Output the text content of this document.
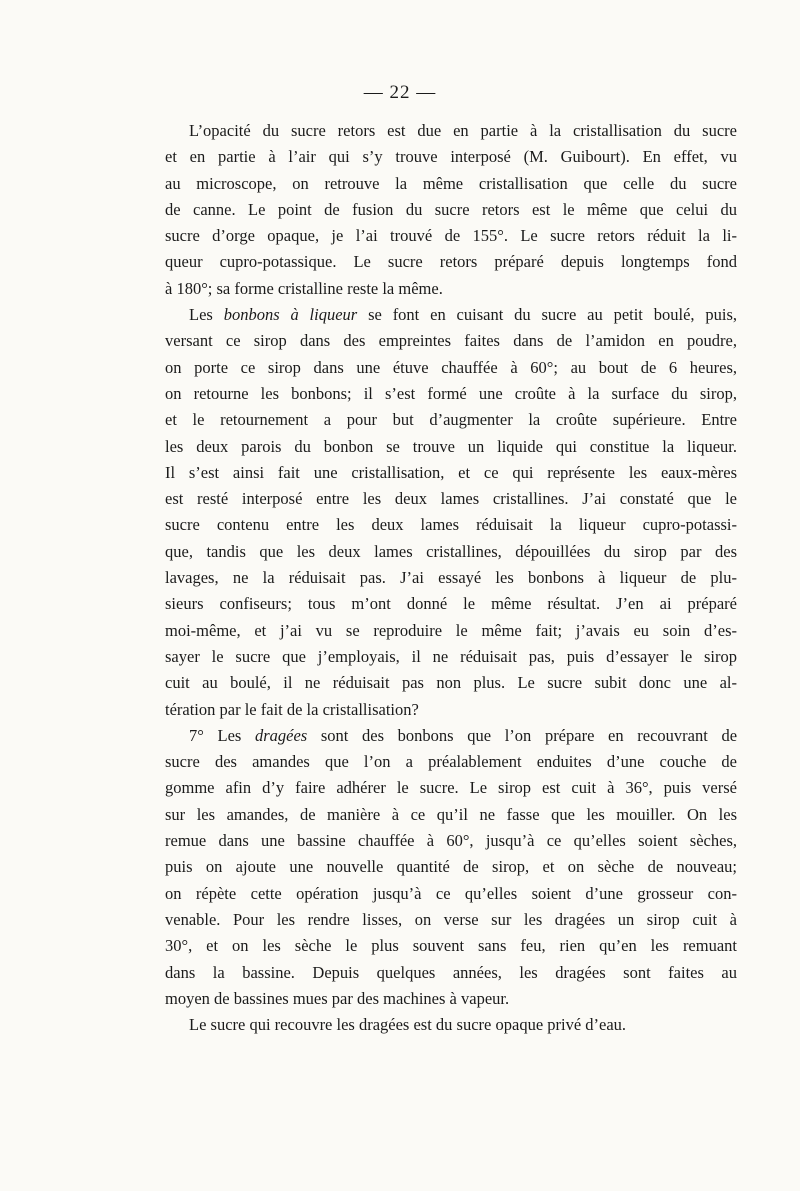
— 22 —
L’opacité du sucre retors est due en partie à la cristallisation du sucre
et en partie à l’air qui s’y trouve interposé (M. Guibourt). En effet, vu
au microscope, on retrouve la même cristallisation que celle du sucre
de canne. Le point de fusion du sucre retors est le même que celui du
sucre d’orge opaque, je l’ai trouvé de 155°. Le sucre retors réduit la li-
queur cupro-potassique. Le sucre retors préparé depuis longtemps fond
à 180°; sa forme cristalline reste la même.
Les bonbons à liqueur se font en cuisant du sucre au petit boulé, puis,
versant ce sirop dans des empreintes faites dans de l’amidon en poudre,
on porte ce sirop dans une étuve chauffée à 60°; au bout de 6 heures,
on retourne les bonbons; il s’est formé une croûte à la surface du sirop,
et le retournement a pour but d’augmenter la croûte supérieure. Entre
les deux parois du bonbon se trouve un liquide qui constitue la liqueur.
Il s’est ainsi fait une cristallisation, et ce qui représente les eaux-mères
est resté interposé entre les deux lames cristallines. J’ai constaté que le
sucre contenu entre les deux lames réduisait la liqueur cupro-potassi-
que, tandis que les deux lames cristallines, dépouillées du sirop par des
lavages, ne la réduisait pas. J’ai essayé les bonbons à liqueur de plu-
sieurs confiseurs; tous m’ont donné le même résultat. J’en ai préparé
moi-même, et j’ai vu se reproduire le même fait; j’avais eu soin d’es-
sayer le sucre que j’employais, il ne réduisait pas, puis d’essayer le sirop
cuit au boulé, il ne réduisait pas non plus. Le sucre subit donc une al-
tération par le fait de la cristallisation?
7° Les dragées sont des bonbons que l’on prépare en recouvrant de
sucre des amandes que l’on a préalablement enduites d’une couche de
gomme afin d’y faire adhérer le sucre. Le sirop est cuit à 36°, puis versé
sur les amandes, de manière à ce qu’il ne fasse que les mouiller. On les
remue dans une bassine chauffée à 60°, jusqu’à ce qu’elles soient sèches,
puis on ajoute une nouvelle quantité de sirop, et on sèche de nouveau;
on répète cette opération jusqu’à ce qu’elles soient d’une grosseur con-
venable. Pour les rendre lisses, on verse sur les dragées un sirop cuit à
30°, et on les sèche le plus souvent sans feu, rien qu’en les remuant
dans la bassine. Depuis quelques années, les dragées sont faites au
moyen de bassines mues par des machines à vapeur.
Le sucre qui recouvre les dragées est du sucre opaque privé d’eau.
